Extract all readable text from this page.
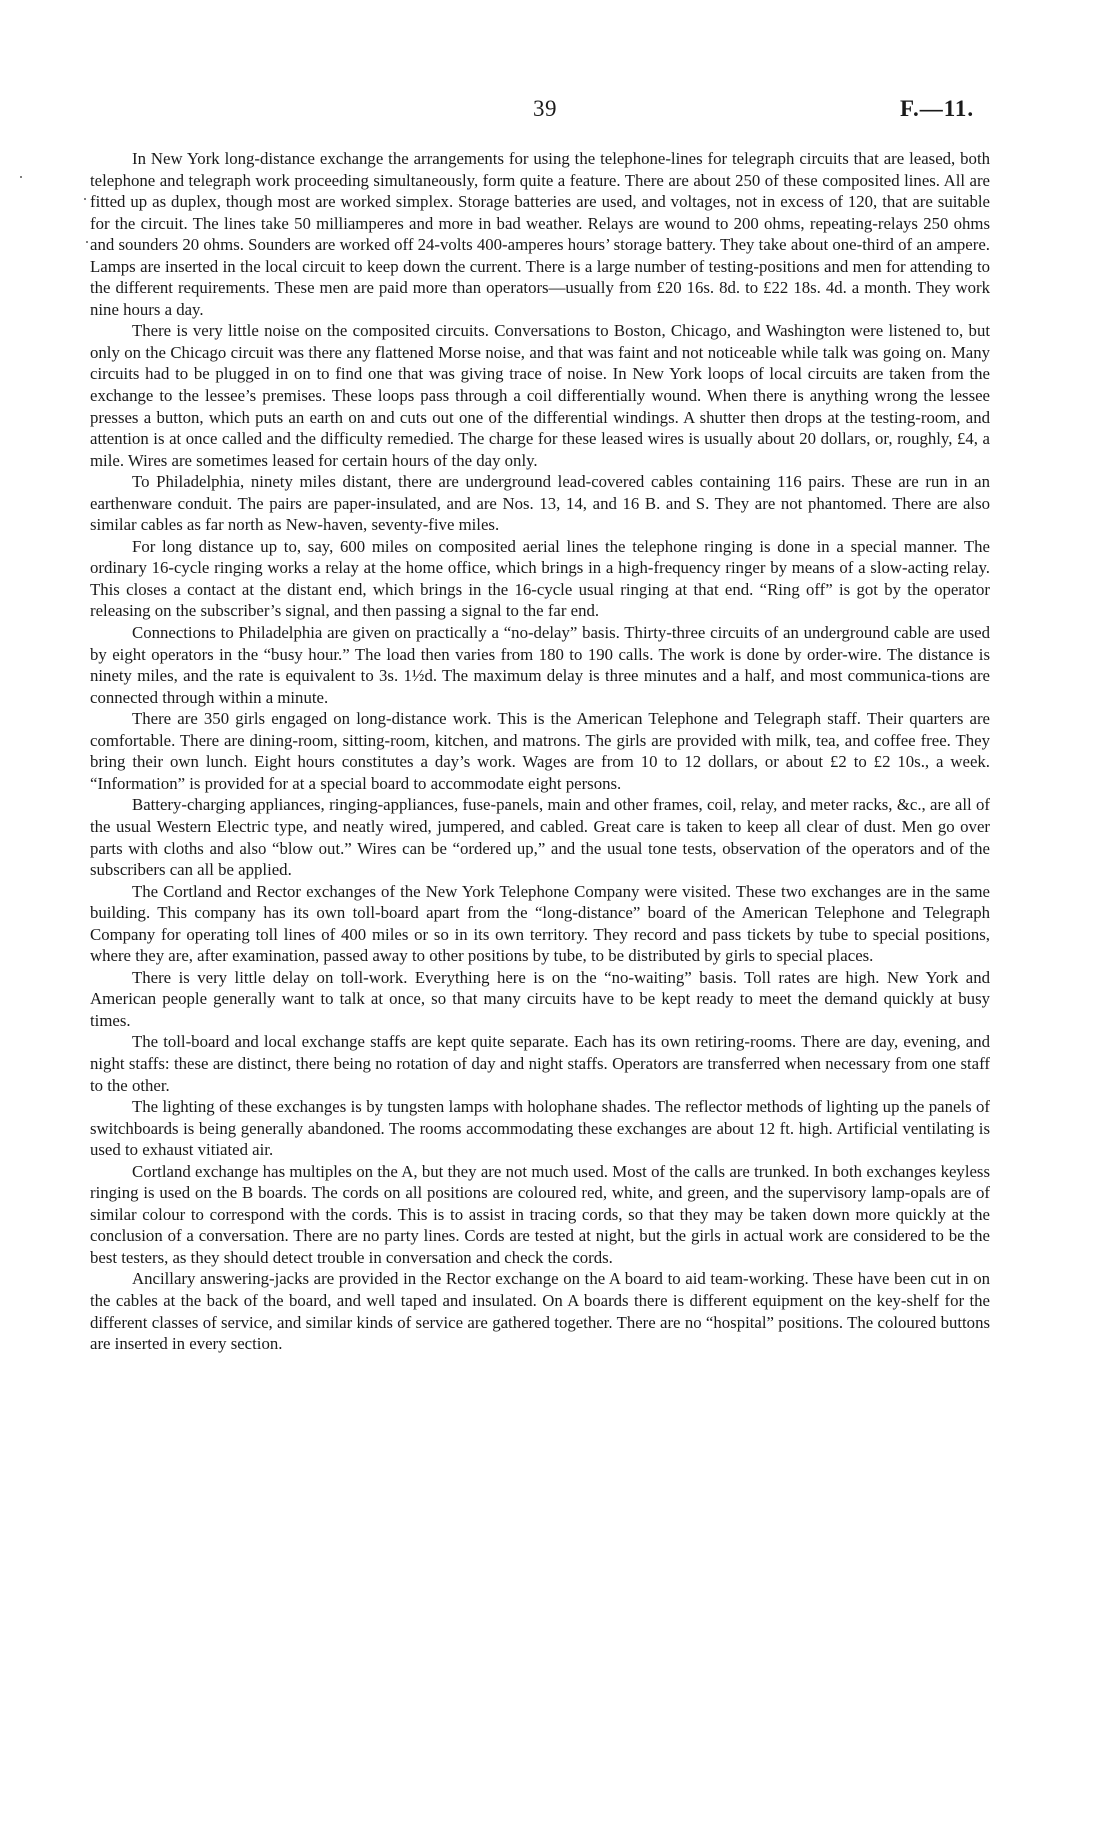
39	F.—11.

In New York long-distance exchange the arrangements for using the telephone-lines for telegraph circuits that are leased, both telephone and telegraph work proceeding simultaneously, form quite a feature. There are about 250 of these composited lines. All are fitted up as duplex, though most are worked simplex. Storage batteries are used, and voltages, not in excess of 120, that are suitable for the circuit. The lines take 50 milliamperes and more in bad weather. Relays are wound to 200 ohms, repeating-relays 250 ohms and sounders 20 ohms. Sounders are worked off 24-volts 400-amperes hours’ storage battery. They take about one-third of an ampere. Lamps are inserted in the local circuit to keep down the current. There is a large number of testing-positions and men for attending to the different requirements. These men are paid more than operators—usually from £20 16s. 8d. to £22 18s. 4d. a month. They work nine hours a day.

There is very little noise on the composited circuits. Conversations to Boston, Chicago, and Washington were listened to, but only on the Chicago circuit was there any flattened Morse noise, and that was faint and not noticeable while talk was going on. Many circuits had to be plugged in on to find one that was giving trace of noise. In New York loops of local circuits are taken from the exchange to the lessee’s premises. These loops pass through a coil differentially wound. When there is anything wrong the lessee presses a button, which puts an earth on and cuts out one of the differential windings. A shutter then drops at the testing-room, and attention is at once called and the difficulty remedied. The charge for these leased wires is usually about 20 dollars, or, roughly, £4, a mile. Wires are sometimes leased for certain hours of the day only.

To Philadelphia, ninety miles distant, there are underground lead-covered cables containing 116 pairs. These are run in an earthenware conduit. The pairs are paper-insulated, and are Nos. 13, 14, and 16 B. and S. They are not phantomed. There are also similar cables as far north as New-haven, seventy-five miles.

For long distance up to, say, 600 miles on composited aerial lines the telephone ringing is done in a special manner. The ordinary 16-cycle ringing works a relay at the home office, which brings in a high-frequency ringer by means of a slow-acting relay. This closes a contact at the distant end, which brings in the 16-cycle usual ringing at that end. “Ring off” is got by the operator releasing on the subscriber’s signal, and then passing a signal to the far end.

Connections to Philadelphia are given on practically a “no-delay” basis. Thirty-three circuits of an underground cable are used by eight operators in the “busy hour.” The load then varies from 180 to 190 calls. The work is done by order-wire. The distance is ninety miles, and the rate is equivalent to 3s. 1½d. The maximum delay is three minutes and a half, and most communica-tions are connected through within a minute.

There are 350 girls engaged on long-distance work. This is the American Telephone and Telegraph staff. Their quarters are comfortable. There are dining-room, sitting-room, kitchen, and matrons. The girls are provided with milk, tea, and coffee free. They bring their own lunch. Eight hours constitutes a day’s work. Wages are from 10 to 12 dollars, or about £2 to £2 10s., a week. “Information” is provided for at a special board to accommodate eight persons.

Battery-charging appliances, ringing-appliances, fuse-panels, main and other frames, coil, relay, and meter racks, &c., are all of the usual Western Electric type, and neatly wired, jumpered, and cabled. Great care is taken to keep all clear of dust. Men go over parts with cloths and also “blow out.” Wires can be “ordered up,” and the usual tone tests, observation of the operators and of the subscribers can all be applied.

The Cortland and Rector exchanges of the New York Telephone Company were visited. These two exchanges are in the same building. This company has its own toll-board apart from the “long-distance” board of the American Telephone and Telegraph Company for operating toll lines of 400 miles or so in its own territory. They record and pass tickets by tube to special positions, where they are, after examination, passed away to other positions by tube, to be distributed by girls to special places.

There is very little delay on toll-work. Everything here is on the “no-waiting” basis. Toll rates are high. New York and American people generally want to talk at once, so that many circuits have to be kept ready to meet the demand quickly at busy times.

The toll-board and local exchange staffs are kept quite separate. Each has its own retiring-rooms. There are day, evening, and night staffs: these are distinct, there being no rotation of day and night staffs. Operators are transferred when necessary from one staff to the other.

The lighting of these exchanges is by tungsten lamps with holophane shades. The reflector methods of lighting up the panels of switchboards is being generally abandoned. The rooms accommodating these exchanges are about 12 ft. high. Artificial ventilating is used to exhaust vitiated air.

Cortland exchange has multiples on the A, but they are not much used. Most of the calls are trunked. In both exchanges keyless ringing is used on the B boards. The cords on all positions are coloured red, white, and green, and the supervisory lamp-opals are of similar colour to correspond with the cords. This is to assist in tracing cords, so that they may be taken down more quickly at the conclusion of a conversation. There are no party lines. Cords are tested at night, but the girls in actual work are considered to be the best testers, as they should detect trouble in conversation and check the cords.

Ancillary answering-jacks are provided in the Rector exchange on the A board to aid team-working. These have been cut in on the cables at the back of the board, and well taped and insulated. On A boards there is different equipment on the key-shelf for the different classes of service, and similar kinds of service are gathered together. There are no “hospital” positions. The coloured buttons are inserted in every section.
